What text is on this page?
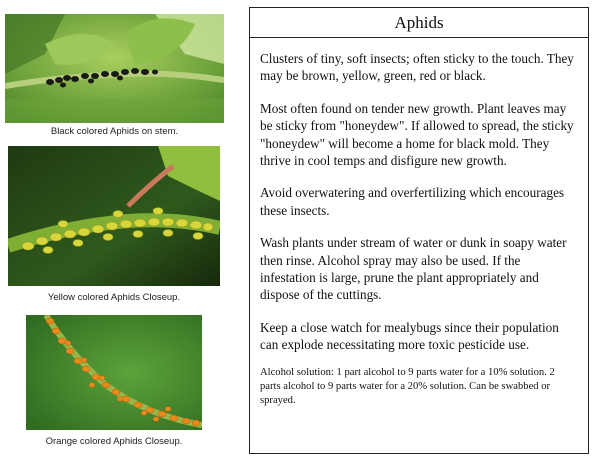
Black colored Aphids on stem.
Yellow colored Aphids Closeup.
Orange colored Aphids Closeup.
Aphids

Clusters of tiny, soft insects; often sticky to the touch. They may be brown, yellow, green, red or black.

Most often found on tender new growth. Plant leaves may be sticky from "honeydew". If allowed to spread, the sticky "honeydew" will become a home for black mold. They thrive in cool temps and disfigure new growth.

Avoid overwatering and overfertilizing which encourages these insects.

Wash plants under stream of water or dunk in soapy water then rinse. Alcohol spray may also be used. If the infestation is large, prune the plant appropriately and dispose of the cuttings.

Keep a close watch for mealybugs since their population can explode necessitating more toxic pesticide use.

Alcohol solution: 1 part alcohol to 9 parts water for a 10% solution. 2 parts alcohol to 9 parts water for a 20% solution. Can be swabbed or sprayed.
